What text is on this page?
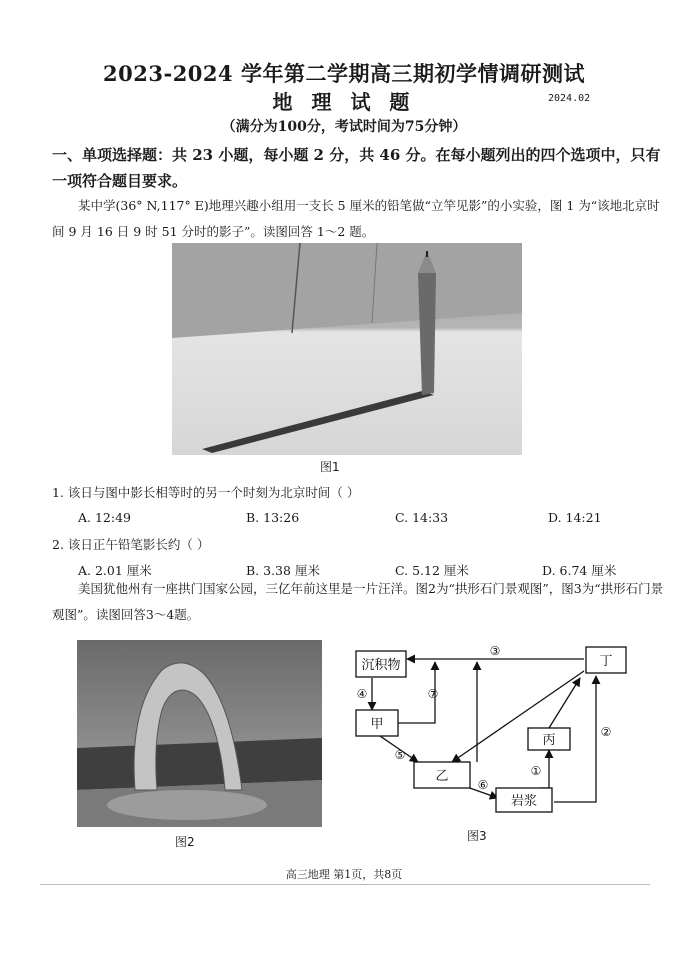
2023-2024 学年第二学期高三期初学情调研测试
地 理 试 题	2024.02
（满分为100分，考试时间为75分钟）
一、单项选择题：共 23 小题，每小题 2 分，共 46 分。在每小题列出的四个选项中，只有一项符合题目要求。
某中学(36° N,117° E)地理兴趣小组用一支长 5 厘米的铅笔做“立竿见影”的小实验，图 1 为“该地北京时间 9 月 16 日 9 时 51 分时的影子”。读图回答 1～2 题。
图1
1. 该日与图中影长相等时的另一个时刻为北京时间（ ）
A. 12:49	B. 13:26	C. 14:33	D. 14:21
2. 该日正午铅笔影长约（ ）
A. 2.01 厘米	B. 3.38 厘米	C. 5.12 厘米	D. 6.74 厘米
美国犹他州有一座拱门国家公园，三亿年前这里是一片汪洋。图2为“拱形石门景观图”，图3为“拱形石门景观图”。读图回答3～4题。
图2
沉积物	丁
甲
丙
乙
岩浆
①
②
③
④
⑤
⑥
⑦
图3
高三地理 第1页，共8页
